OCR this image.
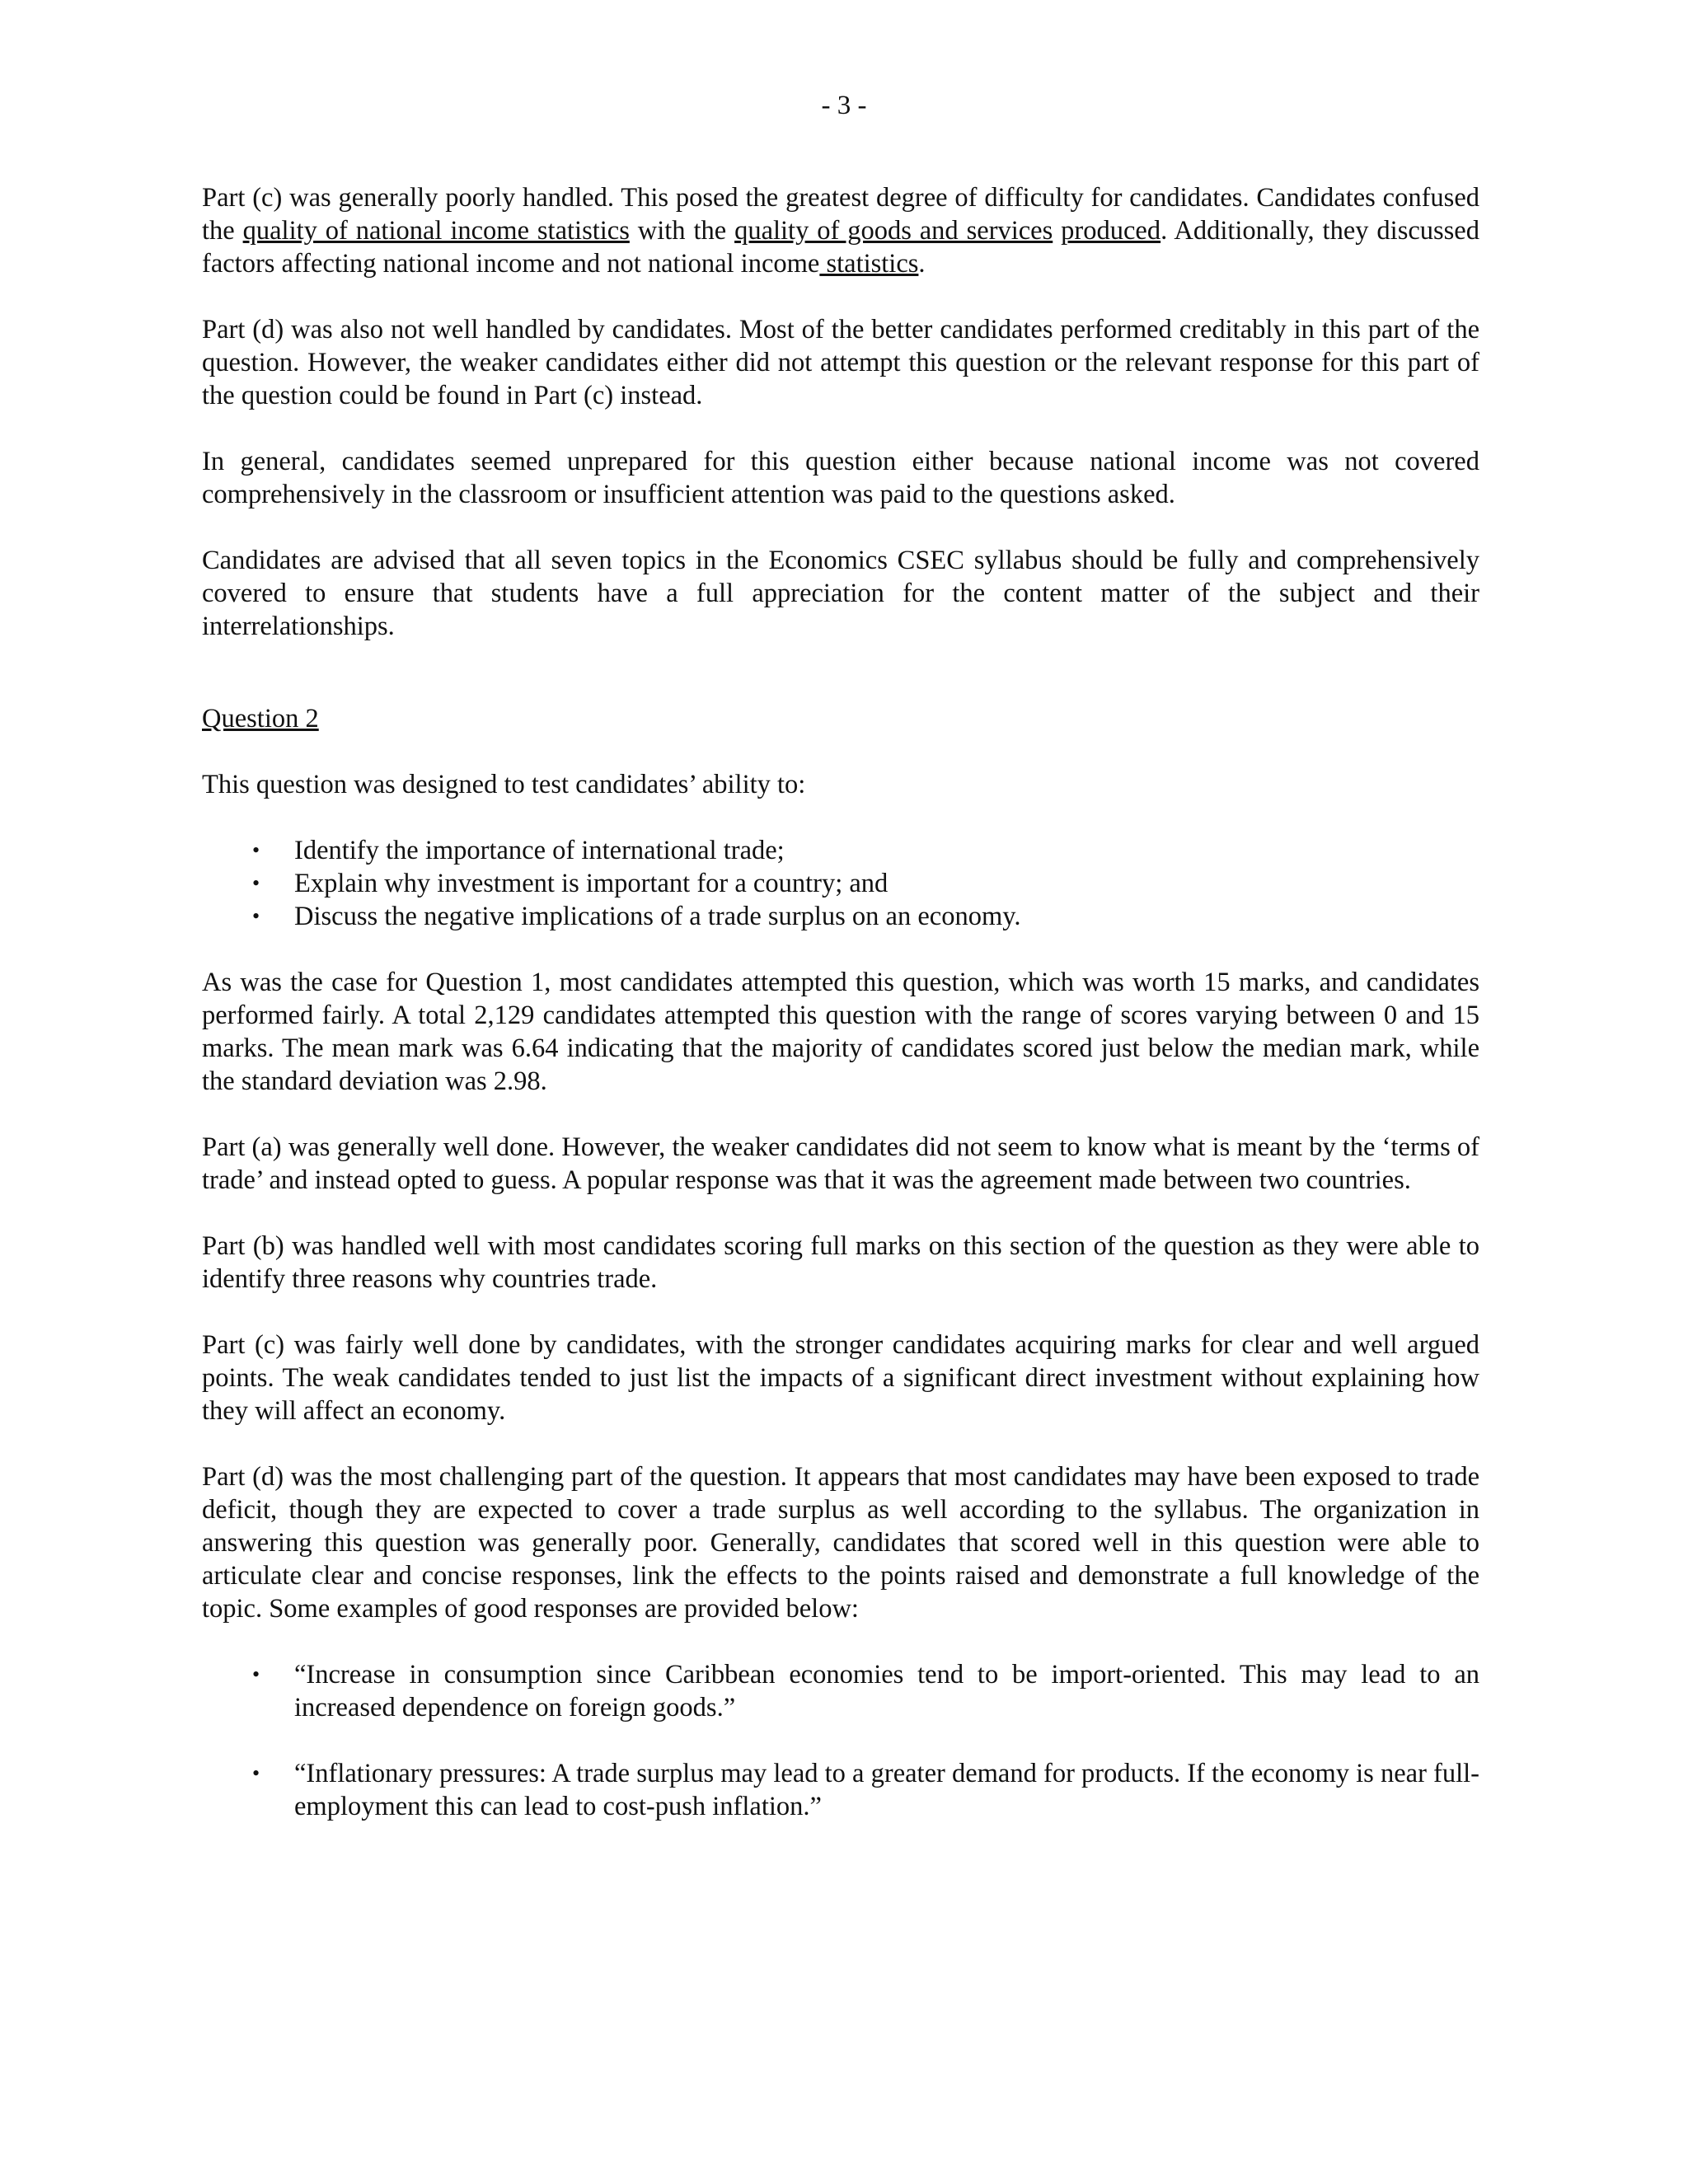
- 3 -

Part (c) was generally poorly handled. This posed the greatest degree of difficulty for candidates. Candidates confused the quality of national income statistics with the quality of goods and services produced. Additionally, they discussed factors affecting national income and not national income statistics.

Part (d) was also not well handled by candidates. Most of the better candidates performed creditably in this part of the question. However, the weaker candidates either did not attempt this question or the relevant response for this part of the question could be found in Part (c) instead.

In general, candidates seemed unprepared for this question either because national income was not covered comprehensively in the classroom or insufficient attention was paid to the questions asked.

Candidates are advised that all seven topics in the Economics CSEC syllabus should be fully and comprehensively covered to ensure that students have a full appreciation for the content matter of the subject and their interrelationships.

Question 2

This question was designed to test candidates’ ability to:

• Identify the importance of international trade;
• Explain why investment is important for a country; and
• Discuss the negative implications of a trade surplus on an economy.

As was the case for Question 1, most candidates attempted this question, which was worth 15 marks, and candidates performed fairly. A total 2,129 candidates attempted this question with the range of scores varying between 0 and 15 marks. The mean mark was 6.64 indicating that the majority of candidates scored just below the median mark, while the standard deviation was 2.98.

Part (a) was generally well done. However, the weaker candidates did not seem to know what is meant by the ‘terms of trade’ and instead opted to guess. A popular response was that it was the agreement made between two countries.

Part (b) was handled well with most candidates scoring full marks on this section of the question as they were able to identify three reasons why countries trade.

Part (c) was fairly well done by candidates, with the stronger candidates acquiring marks for clear and well argued points. The weak candidates tended to just list the impacts of a significant direct investment without explaining how they will affect an economy.

Part (d) was the most challenging part of the question. It appears that most candidates may have been exposed to trade deficit, though they are expected to cover a trade surplus as well according to the syllabus. The organization in answering this question was generally poor. Generally, candidates that scored well in this question were able to articulate clear and concise responses, link the effects to the points raised and demonstrate a full knowledge of the topic. Some examples of good responses are provided below:

• “Increase in consumption since Caribbean economies tend to be import-oriented. This may lead to an increased dependence on foreign goods.”
• “Inflationary pressures: A trade surplus may lead to a greater demand for products. If the economy is near full-employment this can lead to cost-push inflation.”
